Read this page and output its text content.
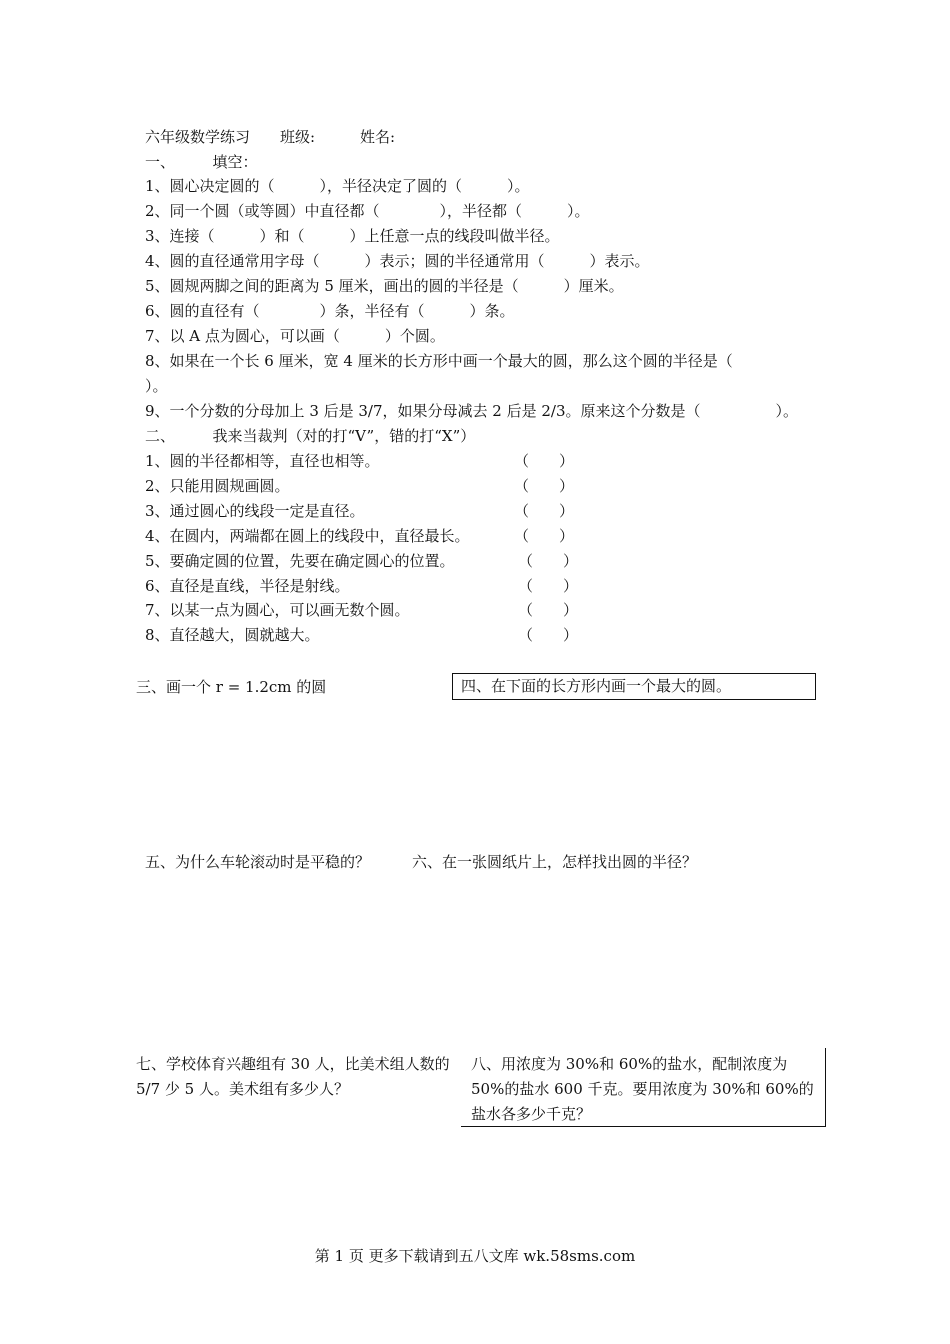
六年级数学练习　　班级:　　　姓名:
一、　　　填空：
1、圆心决定圆的（　　　），半径决定了圆的（　　　）。
2、同一个圆（或等圆）中直径都（　　　　），半径都（　　　）。
3、连接（　　　）和（　　　）上任意一点的线段叫做半径。
4、圆的直径通常用字母（　　　）表示；圆的半径通常用（　　　）表示。
5、圆规两脚之间的距离为 5 厘米，画出的圆的半径是（　　　）厘米。
6、圆的直径有（　　　　）条，半径有（　　　）条。
7、以 A 点为圆心，可以画（　　　）个圆。
8、如果在一个长 6 厘米，宽 4 厘米的长方形中画一个最大的圆，那么这个圆的半径是（
）。
9、一个分数的分母加上 3 后是 3/7，如果分母减去 2 后是 2/3。原来这个分数是（　　　　　）。
二、　　　我来当裁判（对的打“V”，错的打“X”）
1、圆的半径都相等，直径也相等。	（　　）
2、只能用圆规画圆。	（　　）
3、通过圆心的线段一定是直径。	（　　）
4、在圆内，两端都在圆上的线段中，直径最长。	（　　）
5、要确定圆的位置，先要在确定圆心的位置。	（　　）
6、直径是直线，半径是射线。	（　　）
7、以某一点为圆心，可以画无数个圆。	（　　）
8、直径越大，圆就越大。	（　　）
三、画一个 r = 1.2cm 的圆	四、在下面的长方形内画一个最大的圆。
五、为什么车轮滚动时是平稳的？	六、在一张圆纸片上，怎样找出圆的半径？
七、学校体育兴趣组有 30 人，比美术组人数的 5/7 少 5 人。美术组有多少人？
八、用浓度为 30%和 60%的盐水，配制浓度为 50%的盐水 600 千克。要用浓度为 30%和 60%的盐水各多少千克？
第 1 页 更多下载请到五八文库 wk.58sms.com
